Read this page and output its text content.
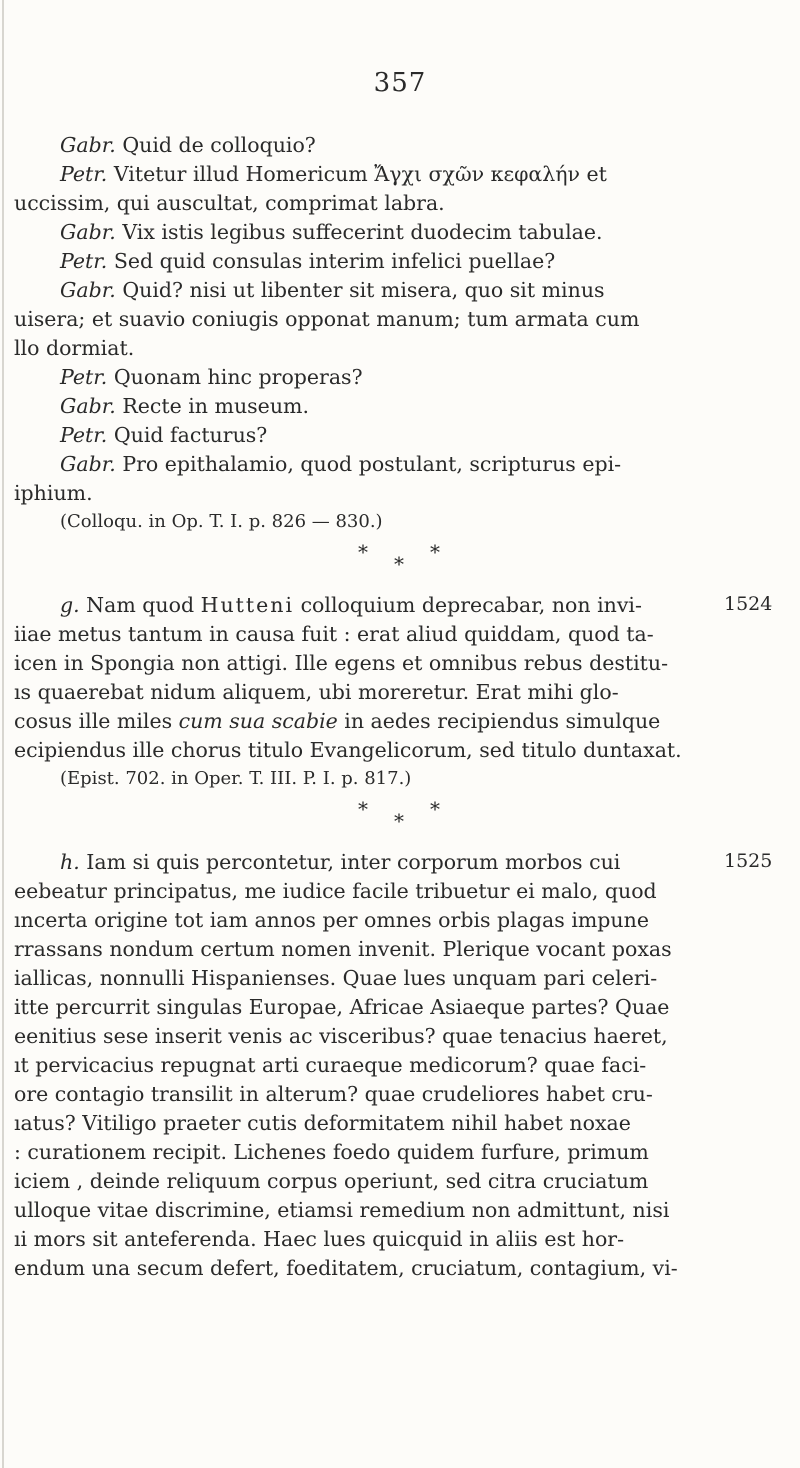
357
Gabr. Quid de colloquio?
Petr. Vitetur illud Homericum Ἄγχι σχῶν κεφαλήν et
uccissim, qui auscultat, comprimat labra.
Gabr. Vix istis legibus suffecerint duodecim tabulae.
Petr. Sed quid consulas interim infelici puellae?
Gabr. Quid? nisi ut libenter sit misera, quo sit minus
uisera; et suavio coniugis opponat manum; tum armata cum
llo dormiat.
Petr. Quonam hinc properas?
Gabr. Recte in museum.
Petr. Quid facturus?
Gabr. Pro epithalamio, quod postulant, scripturus epi-
iphium.
(Colloqu. in Op. T. I. p. 826 — 830.)
g. Nam quod Hutteni colloquium deprecabar, non invi-
iiae metus tantum in causa fuit : erat aliud quiddam, quod ta-
icen in Spongia non attigi. Ille egens et omnibus rebus destitu-
ıs quaerebat nidum aliquem, ubi moreretur. Erat mihi glo-
cosus ille miles cum sua scabie in aedes recipiendus simulque
ecipiendus ille chorus titulo Evangelicorum, sed titulo duntaxat.
(Epist. 702. in Oper. T. III. P. I. p. 817.)
h. Iam si quis percontetur, inter corporum morbos cui
eebeatur principatus, me iudice facile tribuetur ei malo, quod
ıncerta origine tot iam annos per omnes orbis plagas impune
rrassans nondum certum nomen invenit. Plerique vocant poxas
iallicas, nonnulli Hispanienses. Quae lues unquam pari celeri-
itte percurrit singulas Europae, Africae Asiaeque partes? Quae
eenitius sese inserit venis ac visceribus? quae tenacius haeret,
ıt pervicacius repugnat arti curaeque medicorum? quae faci-
ore contagio transilit in alterum? quae crudeliores habet cru-
ıatus? Vitiligo praeter cutis deformitatem nihil habet noxae
: curationem recipit. Lichenes foedo quidem furfure, primum
iciem , deinde reliquum corpus operiunt, sed citra cruciatum
ulloque vitae discrimine, etiamsi remedium non admittunt, nisi
ıi mors sit anteferenda. Haec lues quicquid in aliis est hor-
endum una secum defert, foeditatem, cruciatum, contagium, vi-
*	*
*
*	*
*
1524
1525
